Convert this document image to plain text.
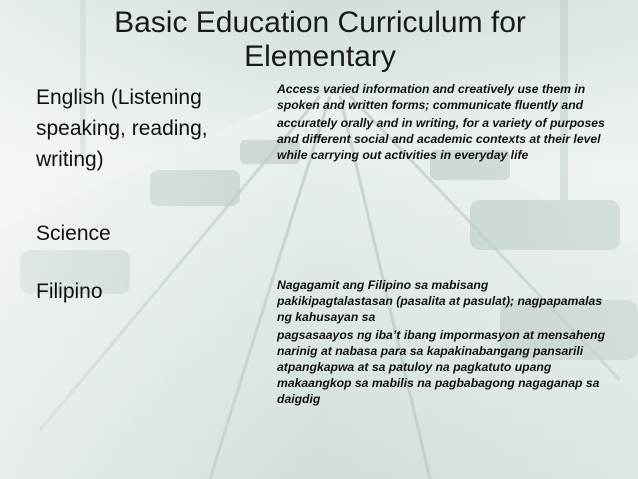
Basic Education Curriculum for
Elementary
English (Listening
speaking, reading,
writing)

Access varied information and creatively use them in spoken and written forms; communicate fluently and

accurately orally and in writing, for a variety of purposes and different social and academic contexts at their level while carrying out activities in everyday life

Science
Filipino	Nagagamit ang Filipino sa mabisang pakikipagtalastasan (pasalita at pasulat); nagpapamalas ng kahusayan sa

pagsasaayos ng iba’t ibang impormasyon at mensaheng narinig at nabasa para sa kapakinabangang pansarili atpangkapwa at sa patuloy na pagkatuto upang makaangkop sa mabilis na pagbabagong nagaganap sa daigdig
